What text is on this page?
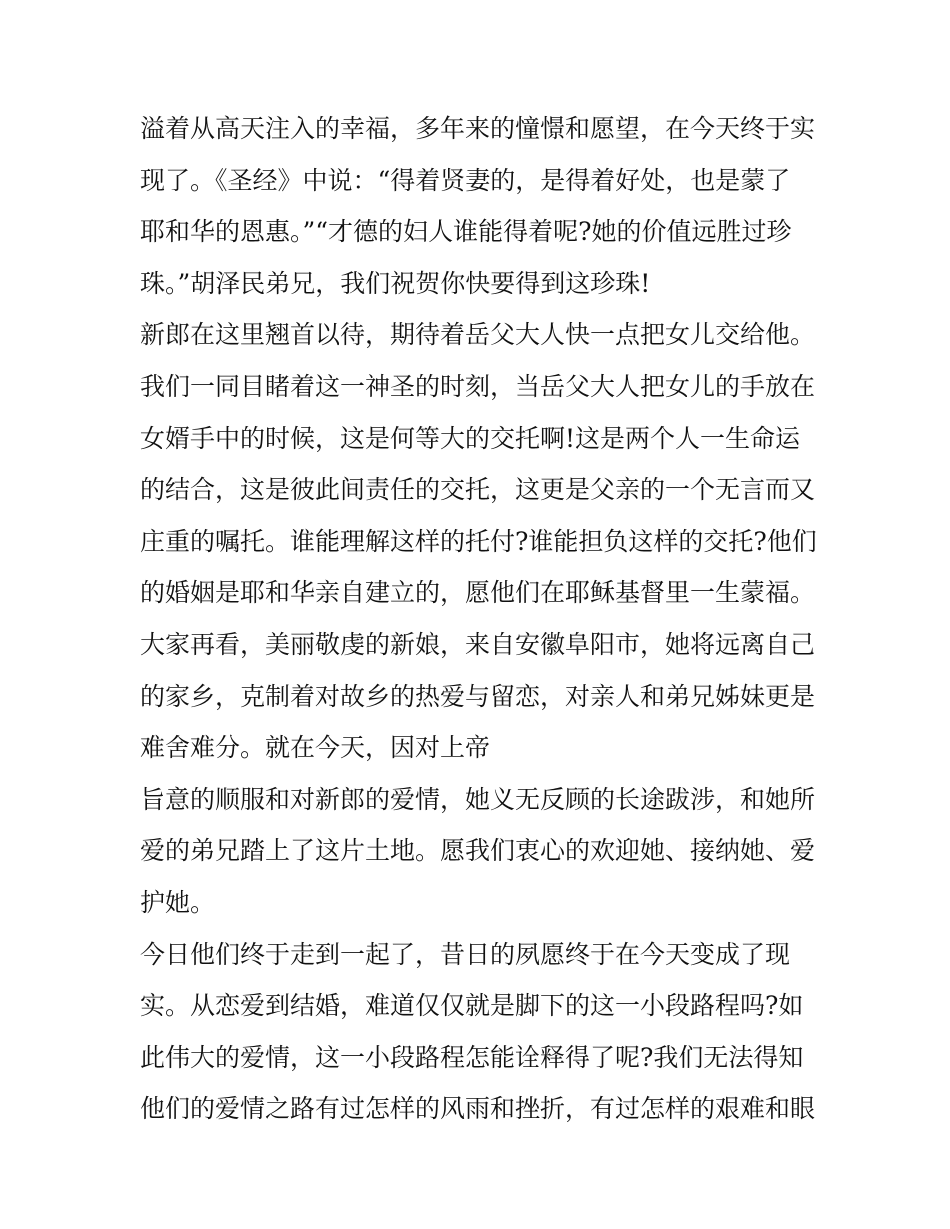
溢着从高天注入的幸福，多年来的憧憬和愿望，在今天终于实
现了。《圣经》中说：“得着贤妻的，是得着好处，也是蒙了
耶和华的恩惠。”“才德的妇人谁能得着呢?她的价值远胜过珍
珠。”胡泽民弟兄，我们祝贺你快要得到这珍珠!
新郎在这里翘首以待，期待着岳父大人快一点把女儿交给他。
我们一同目睹着这一神圣的时刻，当岳父大人把女儿的手放在
女婿手中的时候，这是何等大的交托啊!这是两个人一生命运
的结合，这是彼此间责任的交托，这更是父亲的一个无言而又
庄重的嘱托。谁能理解这样的托付?谁能担负这样的交托?他们
的婚姻是耶和华亲自建立的，愿他们在耶稣基督里一生蒙福。
大家再看，美丽敬虔的新娘，来自安徽阜阳市，她将远离自己
的家乡，克制着对故乡的热爱与留恋，对亲人和弟兄姊妹更是
难舍难分。就在今天，因对上帝
旨意的顺服和对新郎的爱情，她义无反顾的长途跋涉，和她所
爱的弟兄踏上了这片土地。愿我们衷心的欢迎她、接纳她、爱
护她。
今日他们终于走到一起了，昔日的夙愿终于在今天变成了现
实。从恋爱到结婚，难道仅仅就是脚下的这一小段路程吗?如
此伟大的爱情，这一小段路程怎能诠释得了呢?我们无法得知
他们的爱情之路有过怎样的风雨和挫折，有过怎样的艰难和眼
